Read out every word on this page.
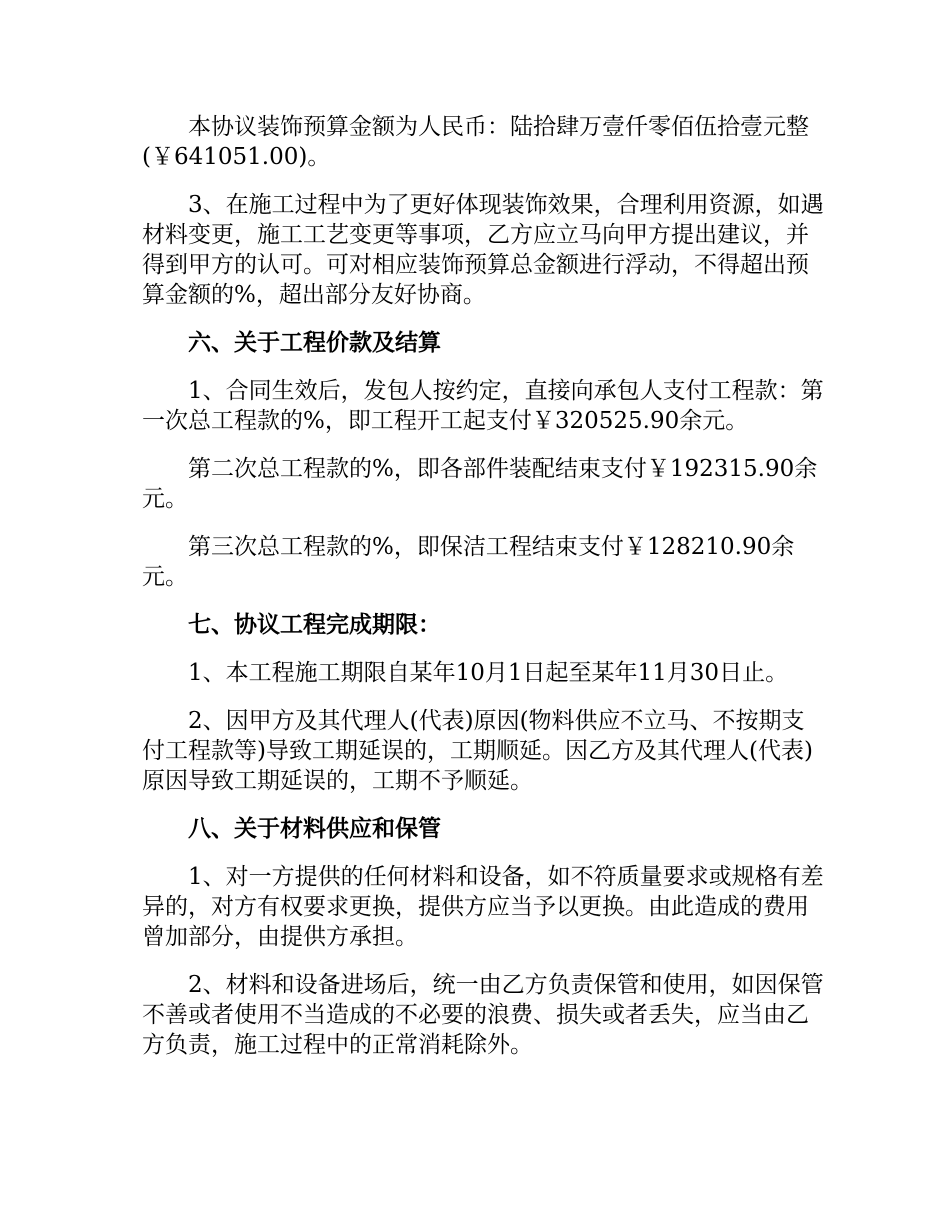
本协议装饰预算金额为人民币：陆拾肆万壹仟零佰伍拾壹元整(￥641051.00)。

3、在施工过程中为了更好体现装饰效果，合理利用资源，如遇材料变更，施工工艺变更等事项，乙方应立马向甲方提出建议，并得到甲方的认可。可对相应装饰预算总金额进行浮动，不得超出预算金额的%，超出部分友好协商。

六、关于工程价款及结算

1、合同生效后，发包人按约定，直接向承包人支付工程款：第一次总工程款的%，即工程开工起支付￥320525.90余元。

第二次总工程款的%，即各部件装配结束支付￥192315.90余元。

第三次总工程款的%，即保洁工程结束支付￥128210.90余元。

七、协议工程完成期限：

1、本工程施工期限自某年10月1日起至某年11月30日止。

2、因甲方及其代理人(代表)原因(物料供应不立马、不按期支付工程款等)导致工期延误的，工期顺延。因乙方及其代理人(代表)原因导致工期延误的，工期不予顺延。

八、关于材料供应和保管

1、对一方提供的任何材料和设备，如不符质量要求或规格有差异的，对方有权要求更换，提供方应当予以更换。由此造成的费用曾加部分，由提供方承担。

2、材料和设备进场后，统一由乙方负责保管和使用，如因保管不善或者使用不当造成的不必要的浪费、损失或者丢失，应当由乙方负责，施工过程中的正常消耗除外。
